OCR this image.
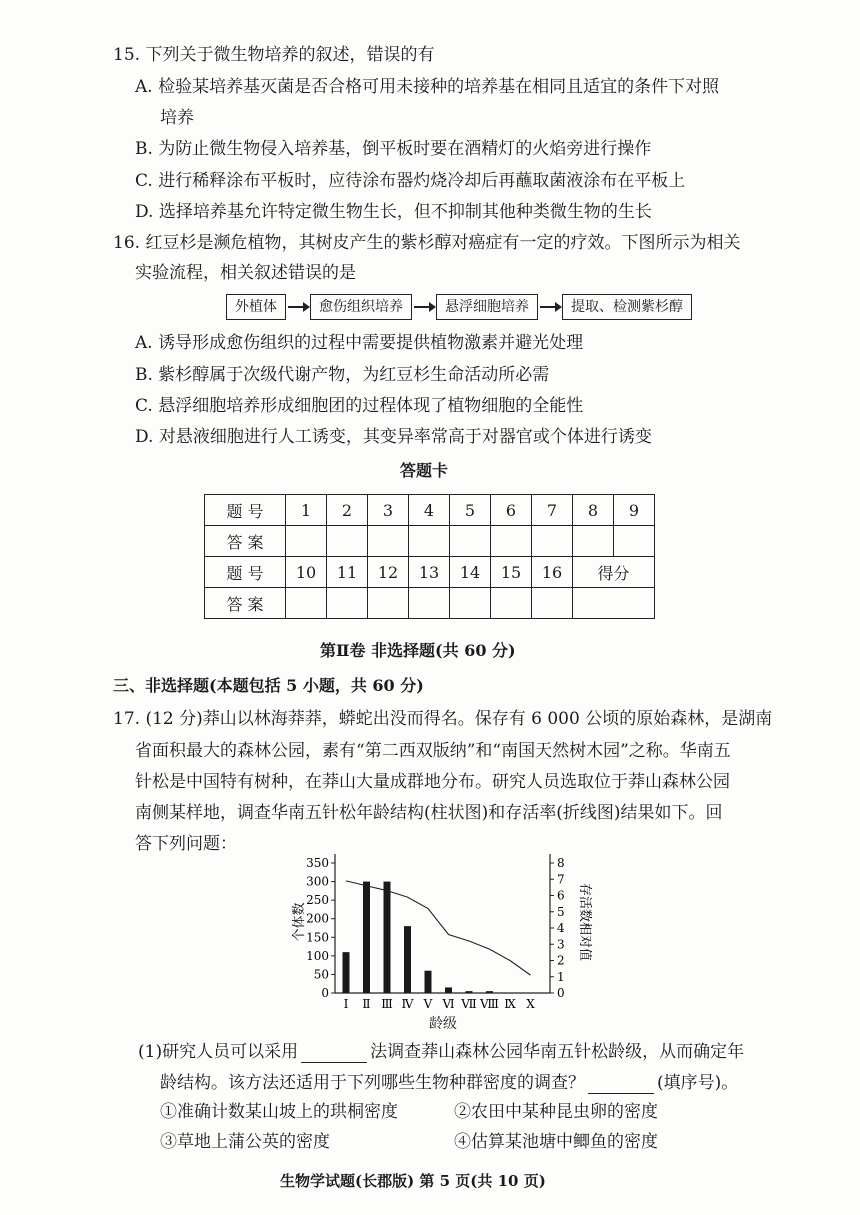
15. 下列关于微生物培养的叙述，错误的有
A. 检验某培养基灭菌是否合格可用未接种的培养基在相同且适宜的条件下对照
培养
B. 为防止微生物侵入培养基，倒平板时要在酒精灯的火焰旁进行操作
C. 进行稀释涂布平板时，应待涂布器灼烧冷却后再蘸取菌液涂布在平板上
D. 选择培养基允许特定微生物生长，但不抑制其他种类微生物的生长
16. 红豆杉是濒危植物，其树皮产生的紫杉醇对癌症有一定的疗效。下图所示为相关
实验流程，相关叙述错误的是
外植体	愈伤组织培养	悬浮细胞培养	提取、检测紫杉醇
A. 诱导形成愈伤组织的过程中需要提供植物激素并避光处理
B. 紫杉醇属于次级代谢产物，为红豆杉生命活动所必需
C. 悬浮细胞培养形成细胞团的过程体现了植物细胞的全能性
D. 对悬液细胞进行人工诱变，其变异率常高于对器官或个体进行诱变
答题卡
题 号	1	2	3	4	5	6	7	8	9
答 案									
题 号	10	11	12	13	14	15	16	得分	
答 案									
第Ⅱ卷 非选择题(共 60 分)
三、非选择题(本题包括 5 小题，共 60 分)
17. (12 分)莽山以林海莽莽，蟒蛇出没而得名。保存有 6 000 公顷的原始森林，是湖南
省面积最大的森林公园，素有“第二西双版纳”和“南国天然树木园”之称。华南五
针松是中国特有树种，在莽山大量成群地分布。研究人员选取位于莽山森林公园
南侧某样地，调查华南五针松年龄结构(柱状图)和存活率(折线图)结果如下。回
答下列问题：
个体数	存活数相对值
0
50
100
150
200
250
300
350
0
1
2
3
4
5
6
7
8
Ⅰ Ⅱ Ⅲ Ⅳ Ⅴ Ⅵ Ⅶ Ⅷ Ⅸ Ⅹ
龄级
(1)研究人员可以采用	法调查莽山森林公园华南五针松龄级，从而确定年
龄结构。该方法还适用于下列哪些生物种群密度的调查？	(填序号)。
①准确计数某山坡上的珙桐密度	②农田中某种昆虫卵的密度
③草地上蒲公英的密度	④估算某池塘中鲫鱼的密度
生物学试题(长郡版) 第 5 页(共 10 页)
